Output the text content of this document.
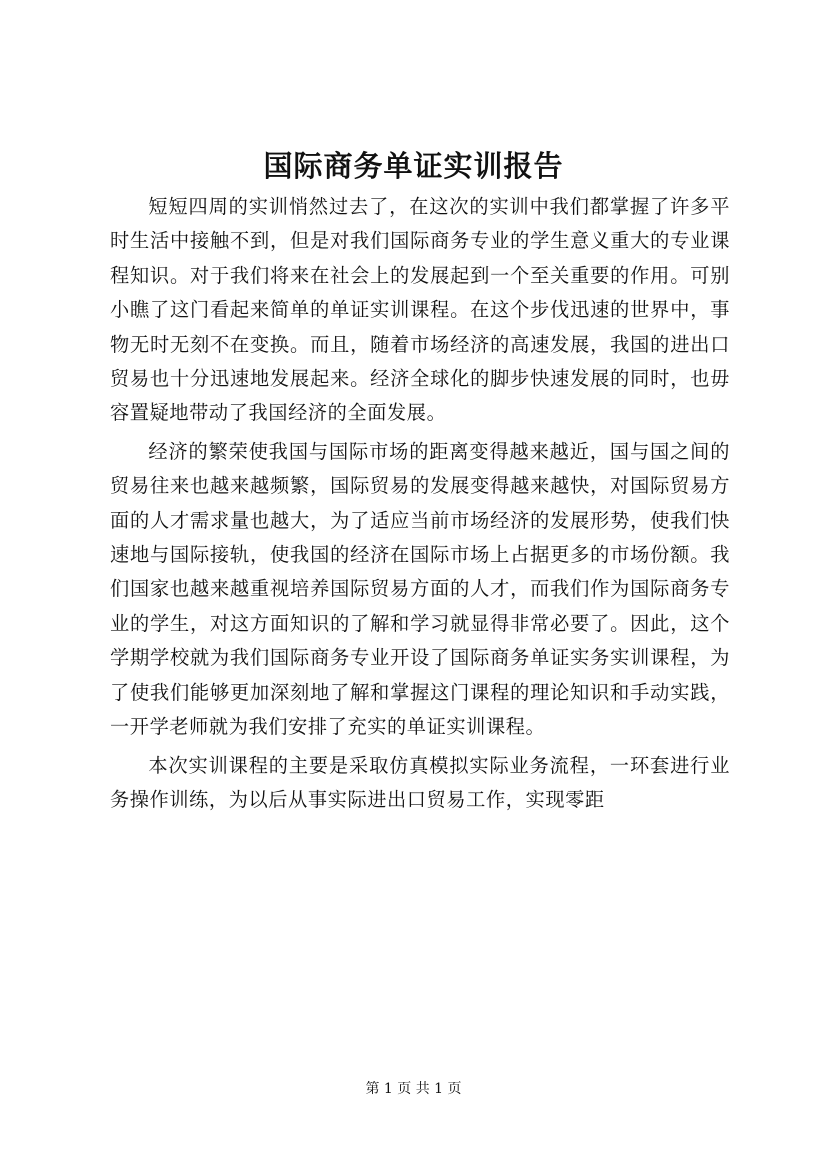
国际商务单证实训报告

短短四周的实训悄然过去了，在这次的实训中我们都掌握了许多平时生活中接触不到，但是对我们国际商务专业的学生意义重大的专业课程知识。对于我们将来在社会上的发展起到一个至关重要的作用。可别小瞧了这门看起来简单的单证实训课程。在这个步伐迅速的世界中，事物无时无刻不在变换。而且，随着市场经济的高速发展，我国的进出口贸易也十分迅速地发展起来。经济全球化的脚步快速发展的同时，也毋容置疑地带动了我国经济的全面发展。

经济的繁荣使我国与国际市场的距离变得越来越近，国与国之间的贸易往来也越来越频繁，国际贸易的发展变得越来越快，对国际贸易方面的人才需求量也越大，为了适应当前市场经济的发展形势，使我们快速地与国际接轨，使我国的经济在国际市场上占据更多的市场份额。我们国家也越来越重视培养国际贸易方面的人才，而我们作为国际商务专业的学生，对这方面知识的了解和学习就显得非常必要了。因此，这个学期学校就为我们国际商务专业开设了国际商务单证实务实训课程，为了使我们能够更加深刻地了解和掌握这门课程的理论知识和手动实践，一开学老师就为我们安排了充实的单证实训课程。

本次实训课程的主要是采取仿真模拟实际业务流程，一环套进行业务操作训练，为以后从事实际进出口贸易工作，实现零距

第 1 页 共 1 页
